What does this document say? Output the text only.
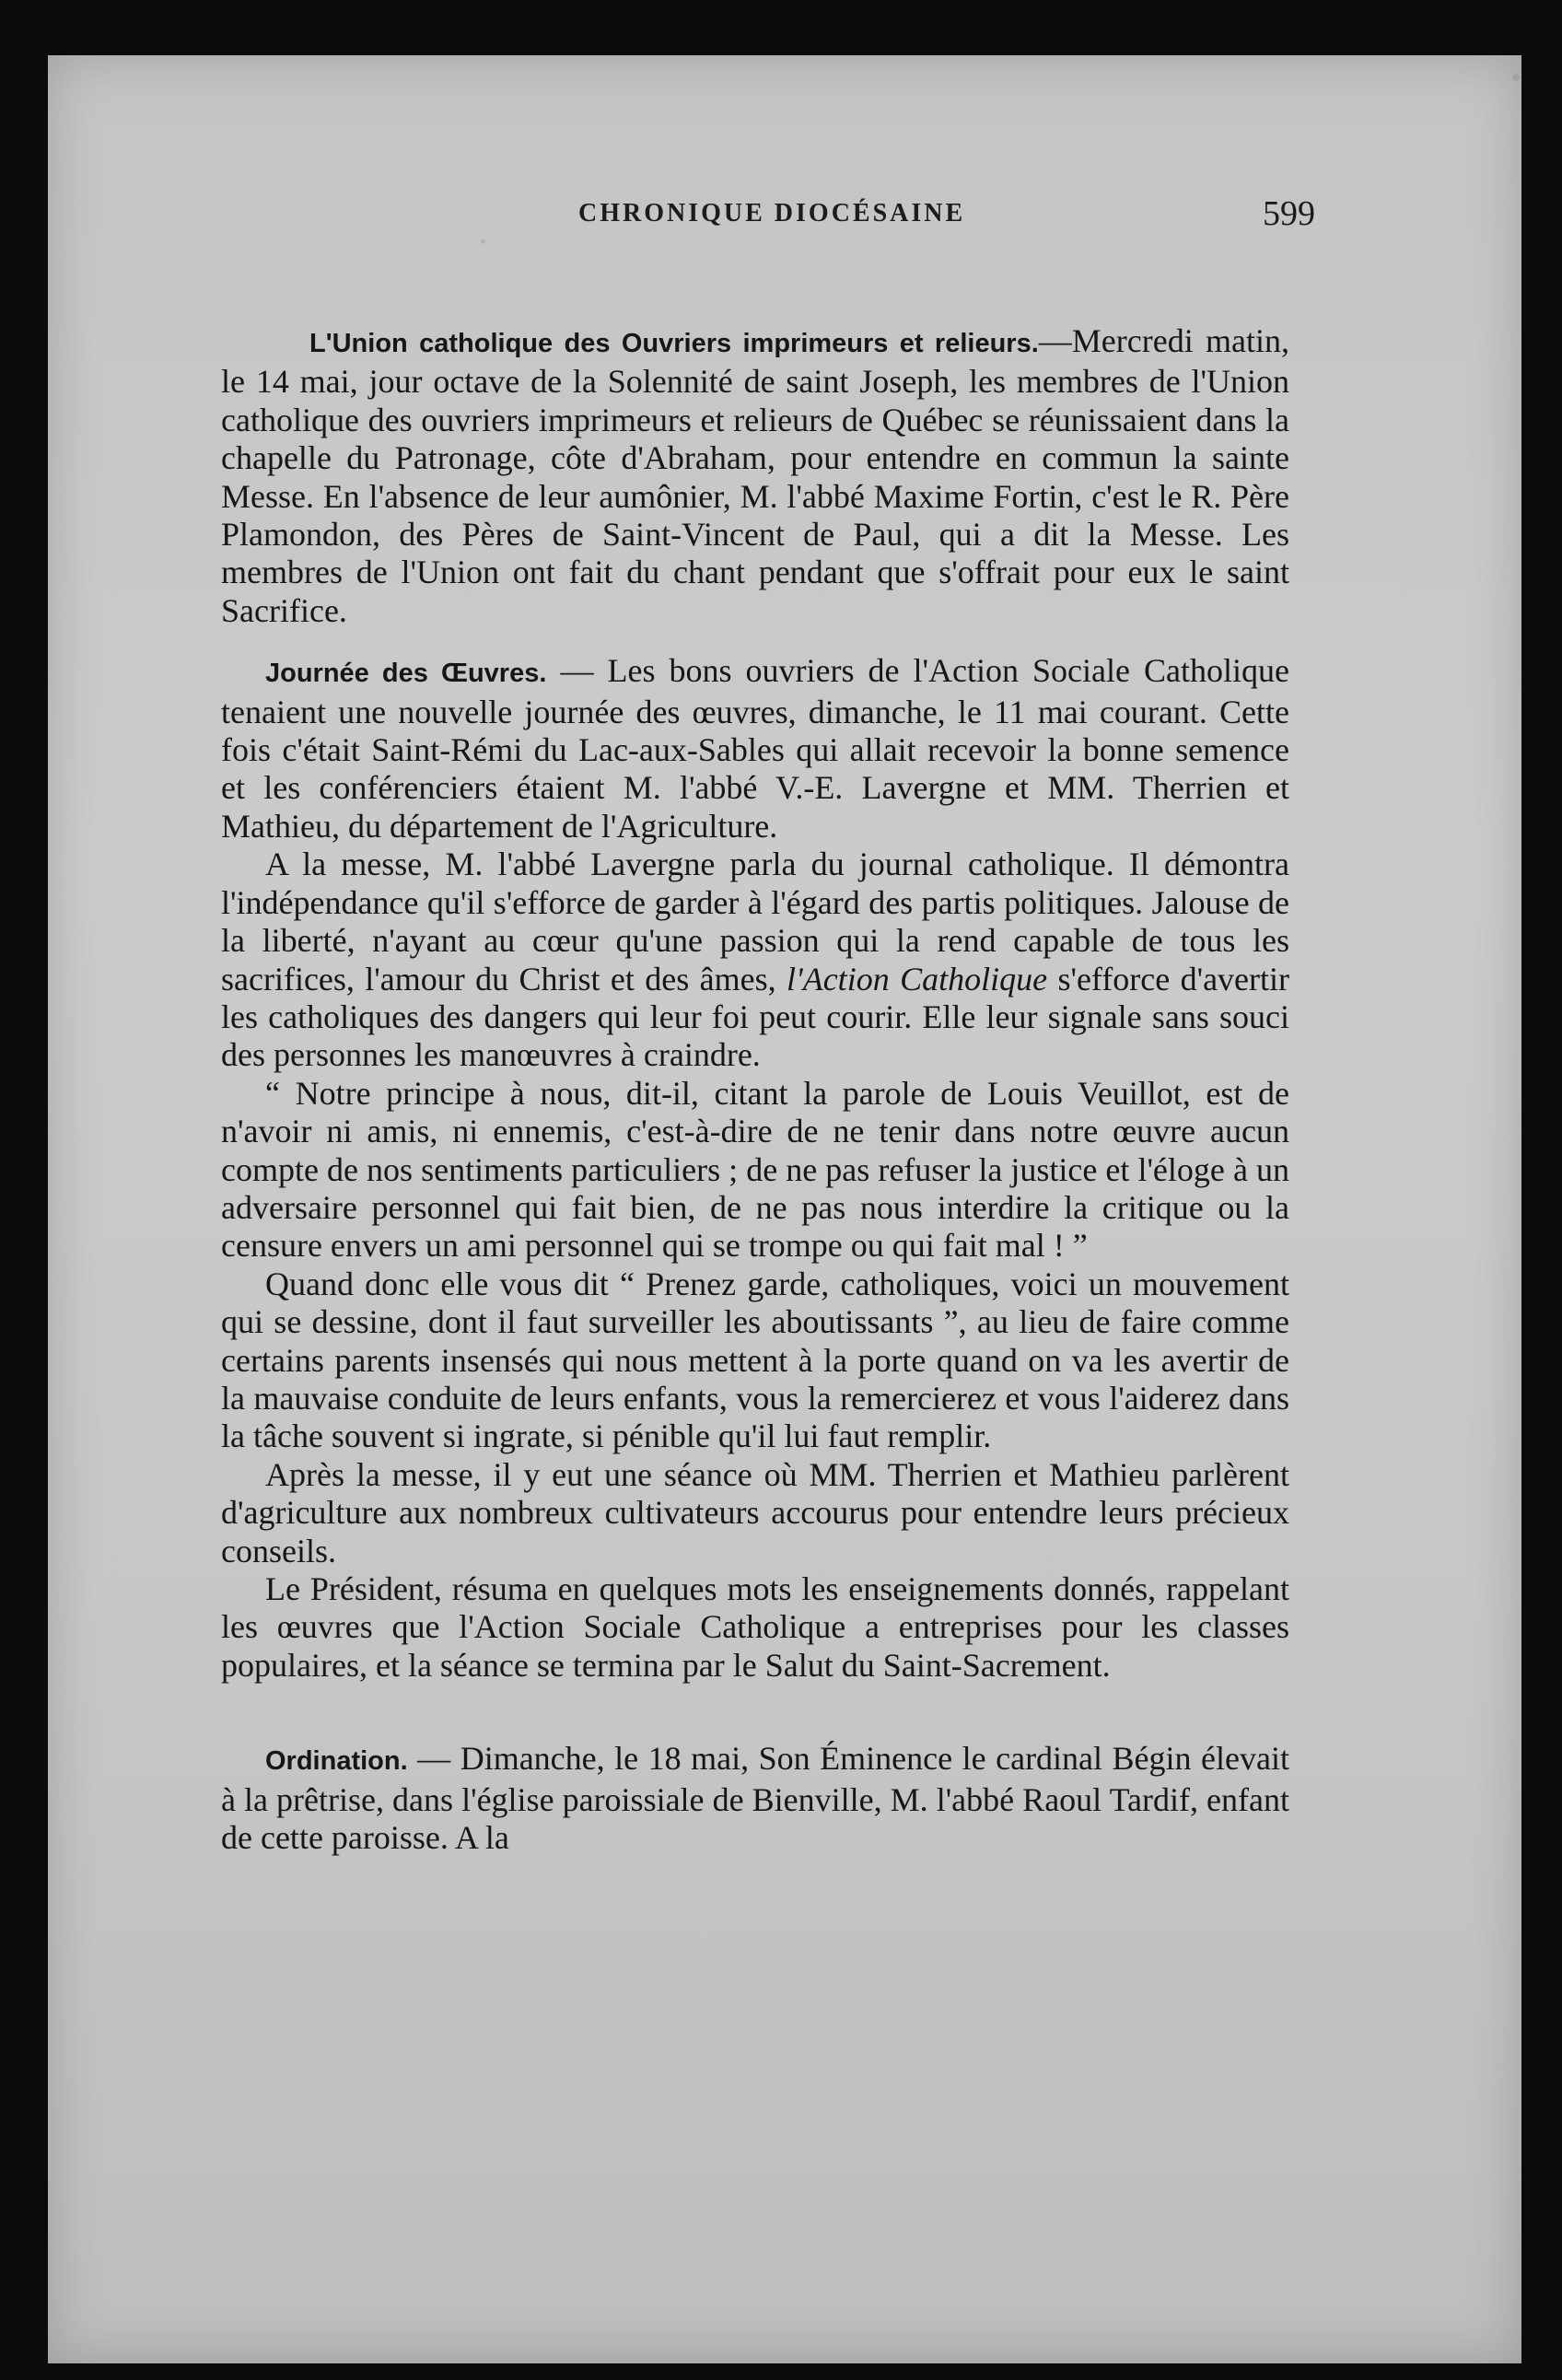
CHRONIQUE DIOCÉSAINE	599

L'Union catholique des Ouvriers imprimeurs et relieurs.—Mercredi matin, le 14 mai, jour octave de la Solennité de saint Joseph, les membres de l'Union catholique des ouvriers imprimeurs et relieurs de Québec se réunissaient dans la chapelle du Patronage, côte d'Abraham, pour entendre en commun la sainte Messe. En l'absence de leur aumônier, M. l'abbé Maxime Fortin, c'est le R. Père Plamondon, des Pères de Saint-Vincent de Paul, qui a dit la Messe. Les membres de l'Union ont fait du chant pendant que s'offrait pour eux le saint Sacrifice.

Journée des Œuvres. — Les bons ouvriers de l'Action Sociale Catholique tenaient une nouvelle journée des œuvres, dimanche, le 11 mai courant. Cette fois c'était Saint-Rémi du Lac-aux-Sables qui allait recevoir la bonne semence et les conférenciers étaient M. l'abbé V.-E. Lavergne et MM. Therrien et Mathieu, du département de l'Agriculture.

A la messe, M. l'abbé Lavergne parla du journal catholique. Il démontra l'indépendance qu'il s'efforce de garder à l'égard des partis politiques. Jalouse de la liberté, n'ayant au cœur qu'une passion qui la rend capable de tous les sacrifices, l'amour du Christ et des âmes, l'Action Catholique s'efforce d'avertir les catholiques des dangers qui leur foi peut courir. Elle leur signale sans souci des personnes les manœuvres à craindre.

“ Notre principe à nous, dit-il, citant la parole de Louis Veuillot, est de n'avoir ni amis, ni ennemis, c'est-à-dire de ne tenir dans notre œuvre aucun compte de nos sentiments particuliers ; de ne pas refuser la justice et l'éloge à un adversaire personnel qui fait bien, de ne pas nous interdire la critique ou la censure envers un ami personnel qui se trompe ou qui fait mal ! ”

Quand donc elle vous dit “ Prenez garde, catholiques, voici un mouvement qui se dessine, dont il faut surveiller les aboutissants ”, au lieu de faire comme certains parents insensés qui nous mettent à la porte quand on va les avertir de la mauvaise conduite de leurs enfants, vous la remercierez et vous l'aiderez dans la tâche souvent si ingrate, si pénible qu'il lui faut remplir.

Après la messe, il y eut une séance où MM. Therrien et Mathieu parlèrent d'agriculture aux nombreux cultivateurs accourus pour entendre leurs précieux conseils.

Le Président, résuma en quelques mots les enseignements donnés, rappelant les œuvres que l'Action Sociale Catholique a entreprises pour les classes populaires, et la séance se termina par le Salut du Saint-Sacrement.

Ordination. — Dimanche, le 18 mai, Son Éminence le cardinal Bégin élevait à la prêtrise, dans l'église paroissiale de Bienville, M. l'abbé Raoul Tardif, enfant de cette paroisse. A la
